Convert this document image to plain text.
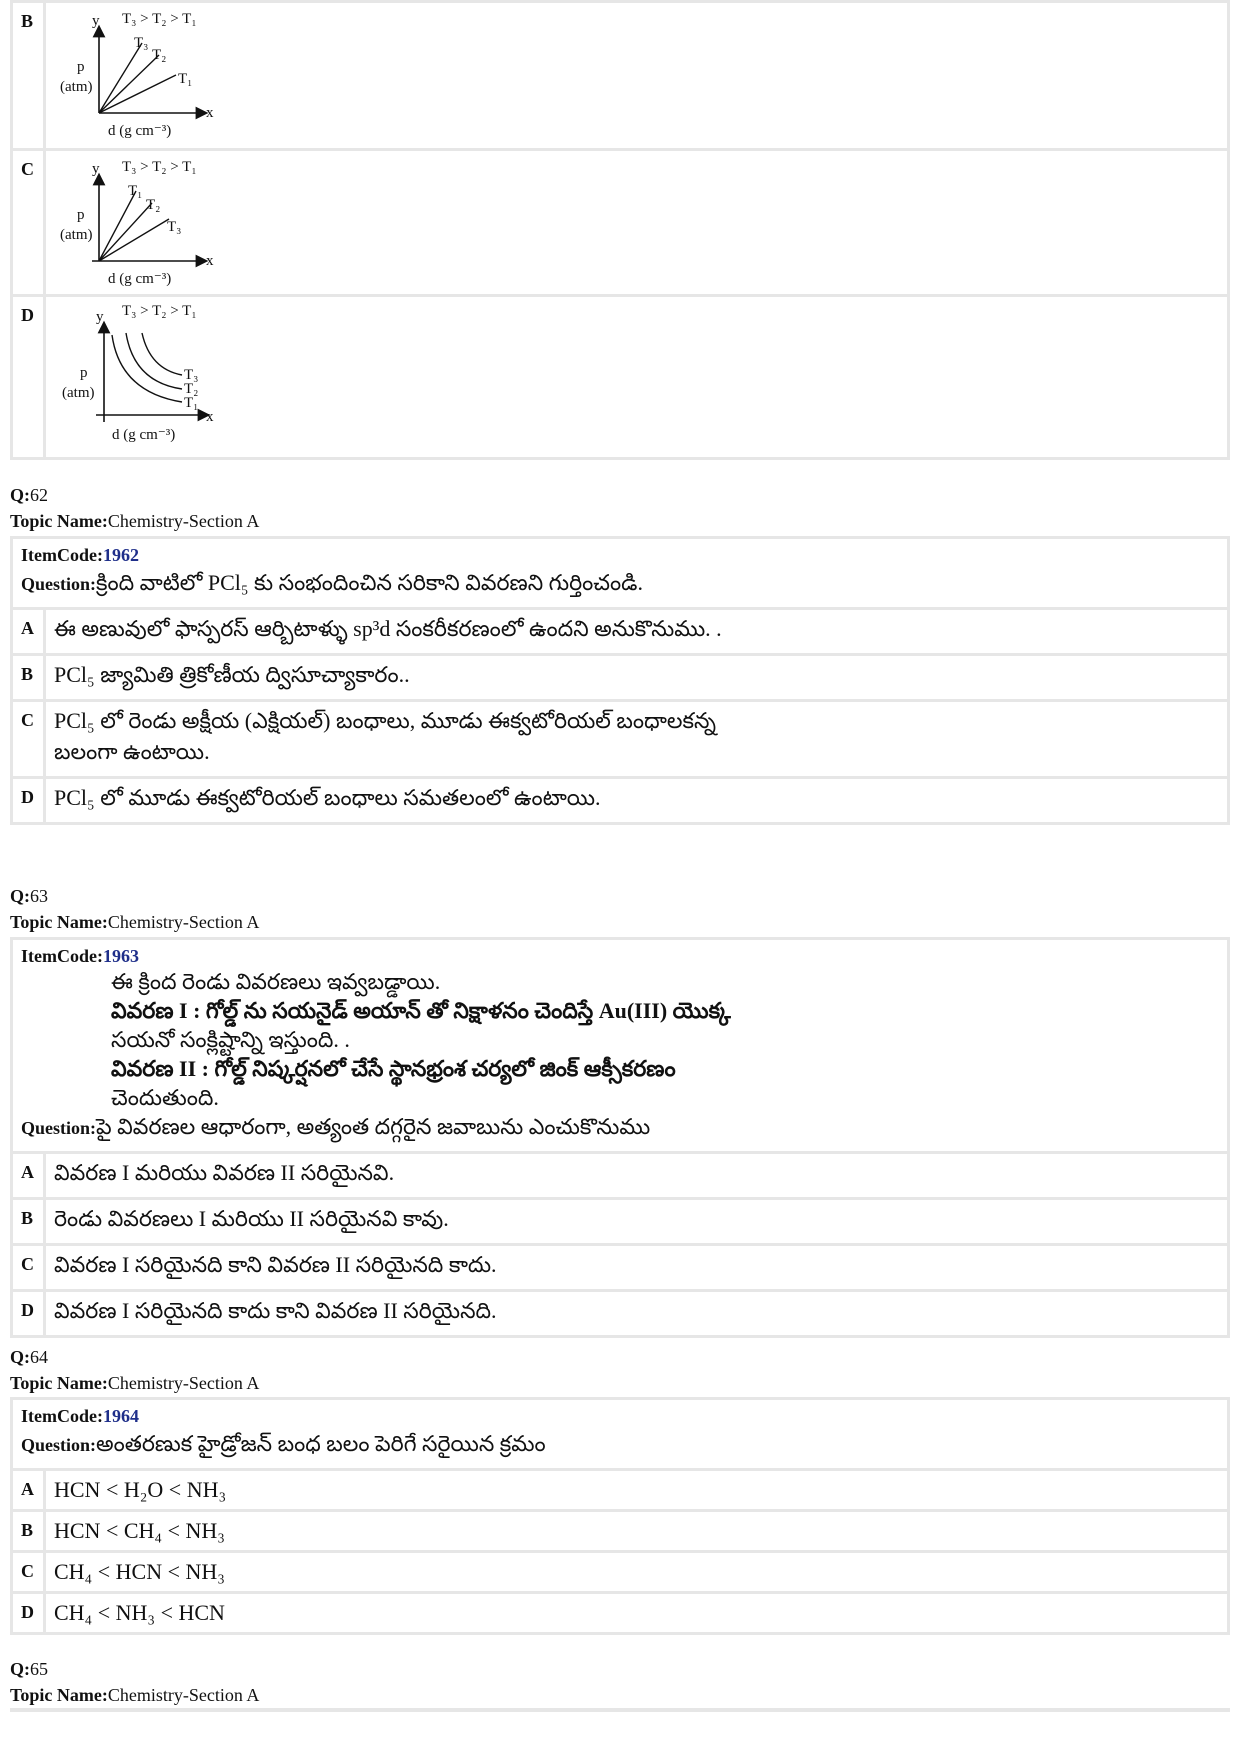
B	y T₃ > T₂ > T₁
T₃
T₂
T₁
p
(atm)
x
d (g cm⁻³)
C	y T₃ > T₂ > T₁
T₁
T₂
T₃
p
(atm)
x
d (g cm⁻³)
D	y T₃ > T₂ > T₁
T₃
T₂
T₁
p
(atm)
x
d (g cm⁻³)
Q:62
Topic Name:Chemistry-Section A
ItemCode:1962
Question:క్రింది వాటిలో PCl₅ కు సంభందించిన సరికాని వివరణని గుర్తించండి.
A ఈ అణువులో ఫాస్పరస్ ఆర్బిటాళ్ళు sp³d సంకరీకరణంలో ఉందని అనుకొనుము. .
B PCl₅ జ్యామితి త్రికోణీయ ద్విసూచ్యాకారం..
C PCl₅ లో రెండు అక్షీయ (ఎక్షియల్) బంధాలు, మూడు ఈక్వటోరియల్ బంధాలకన్న బలంగా ఉంటాయి.
D PCl₅ లో మూడు ఈక్వటోరియల్ బంధాలు సమతలంలో ఉంటాయి.
Q:63
Topic Name:Chemistry-Section A
ItemCode:1963
ఈ క్రింద రెండు వివరణలు ఇవ్వబడ్డాయి.
వివరణ I : గోల్డ్ ను సయనైడ్ అయాన్ తో నిక్షాళనం చెందిస్తే Au(III) యొక్క
సయనో సంక్లిష్టాన్ని ఇస్తుంది. .
వివరణ II : గోల్డ్ నిష్కర్షనలో చేసే స్థానభ్రంశ చర్యలో జింక్ ఆక్సీకరణం
చెందుతుంది.
Question:పై వివరణల ఆధారంగా, అత్యంత దగ్గరైన జవాబును ఎంచుకొనుము
A వివరణ I మరియు వివరణ II సరియైనవి.
B రెండు వివరణలు I మరియు II సరియైనవి కావు.
C వివరణ I సరియైనది కాని వివరణ II సరియైనది కాదు.
D వివరణ I సరియైనది కాదు కాని వివరణ II సరియైనది.
Q:64
Topic Name:Chemistry-Section A
ItemCode:1964
Question:అంతరణుక హైడ్రోజన్ బంధ బలం పెరిగే సరైయిన క్రమం
A HCN < H₂O < NH₃
B HCN < CH₄ < NH₃
C CH₄ < HCN < NH₃
D CH₄ < NH₃ < HCN
Q:65
Topic Name:Chemistry-Section A
